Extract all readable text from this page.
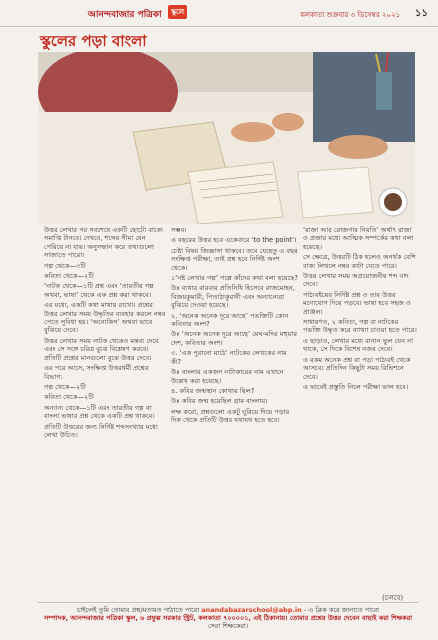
আনন্দবাজার পত্রিকা	স্কুলে	কলকাতা শুক্রবার ৩ ডিসেম্বর ২০২১ ১১
স্কুলের পড়া বাংলা

উত্তর লেখার পর সবশেষে একটি ছোটো বাক্যে সমাপ্তি টানবে। দেখবে, শব্দের সীমা যেন পেরিয়ে না যায়। অনুসন্ধান করে তথ্যগুলো সাজাতে পারো।

গল্প থেকে—৩টি

কবিতা থেকে—২টি

‘নাটক থেকে—১টি প্রশ্ন এবং ‘তারতীর গল্প অথবা, ভাষা’ থেকে এক প্রশ্ন করা থাকবে।

এর মধ্যে, একটি কথা মাথায় রাখো। প্রশ্নের উত্তর লেখার সময় উদ্ধৃতির ব্যবহার করলে নম্বর পেতে সুবিধা হয়। ‘অন্যেকিস’ অথবা ভাবে বুঝিয়ে দেবে।

উত্তর লেখার সময় নাটক থেকেও মন্তব্য দেবে এবং সে সঙ্গে চরিত্র বুঝে বিশ্লেষণ করবে। প্রতিটি প্রশ্নের মানগুলো বুঝে উত্তর দেবে।

এর পরে আসে, সংক্ষিপ্ত উত্তরধর্মী প্রশ্নের বিভাগ:

গল্প থেকে—২টি

কবিতা থেকে—২টি

অন্যান্য থেকে—১টি এবং তারতীর গল্প বা বাংলা ভাষার প্রশ্ন থেকে একটি প্রশ্ন থাকবে।

প্রতিটি উত্তরের জন্য নির্দিষ্ট শব্দসংখ্যার মধ্যে লেখা উচিত।

সম্ভব।

এ বছরের উত্তর হবে একেবারে ‘to the point’।

চেষ্টা বিষয় জিজ্ঞাসা থাকবে। তবে যেহেতু এ বছর সংক্ষিপ্ত পরীক্ষা, তাই প্রশ্ন হবে নির্দিষ্ট অংশ থেকে।

১‘নষ্ট লেখার গল্প’ গল্পে কাঁদের কথা বলা হয়েছে?

উঃ ব্যথার বারবার প্রতিনিধি হিসেবে রাজমোহন, বিজয়কুমারী, পিতাঠাকুরানী এবং অন্যান্যেরা বুঝিয়ে দেওয়া হয়েছে।

২. ‘অনেক অনেক দূরে আছে’ পঙক্তিটি কোন কবিতার অংশ?

উঃ ‘অনেক অনেক দূরে আছে’ মেঘ-মদির মহুয়ার দেশ, কবিতার অংশ।

৩. ‘এক পুরানো মাঠে’ নাটকের লেখকের নাম কী?

উঃ বাংলার একজন নাট্যকারের নাম এখানে উল্লেখ করা হয়েছে।

৪. কবির জন্মস্থান কোথায় ছিল?

উঃ কবির জন্ম হয়েছিল গ্রাম বাংলায়।

লক্ষ করো, প্রশ্নগুলো একটু ঘুরিয়ে দিয়ে পড়ার দিক থেকে প্রতিটি উত্তর যথাযথ হতে হবে।

‘রাজা আর রোজগার নিয়তি’ অর্থাৎ রাজা ও প্রজার মধ্যে আত্মিক সম্পর্কের কথা বলা হয়েছে।

সে ক্ষেত্রে, উত্তরটি ঠিক হলেও অনর্থক বেশি বাক্য লিখলে নম্বর কাটা যেতে পারে।

উত্তর লেখার সময় অপ্রয়োজনীয় শব্দ বাদ দেবে।

পাঠ্যবইয়ের নির্দিষ্ট প্রশ্ন ও তার উত্তর মনোযোগ দিয়ে পড়বে। ভাষা হবে সহজ ও প্রাঞ্জল।

সাধারণত, ২ কবিতা, গল্প বা নাটকের পঙক্তি উদ্ধৃত করে ব্যাখ্যা চাওয়া হতে পারে।

এ ছাড়াও, লেখার মধ্যে বানান ভুল যেন না থাকে, সে দিকে বিশেষ নজর দেবে।

এ রকম অনেক প্রশ্ন বা পড়া পাঠ্যবই থেকে আসবে। প্রতিদিন কিছুটা সময় রিভিশনে দেবে।

এ ভাবেই প্রস্তুতি নিলে পরীক্ষা ভাল হবে।

(চলবে)
চাইলেই তুমি তোমার প্রশ্ন/মতামত পাঠাতে পারো anandabazarschool@abp.in - এ ক্লিক করে জানাতে পারো
সম্পাদক, আনন্দবাজার পত্রিকা স্কুল, ৬ প্রফুল্ল সরকার স্ট্রিট, কলকাতা ৭০০০০১, এই ঠিকানায়। তোমার প্রশ্নের উত্তর দেবেন বাছাই করা শিক্ষকরা
সেরা শিক্ষকেরা।
